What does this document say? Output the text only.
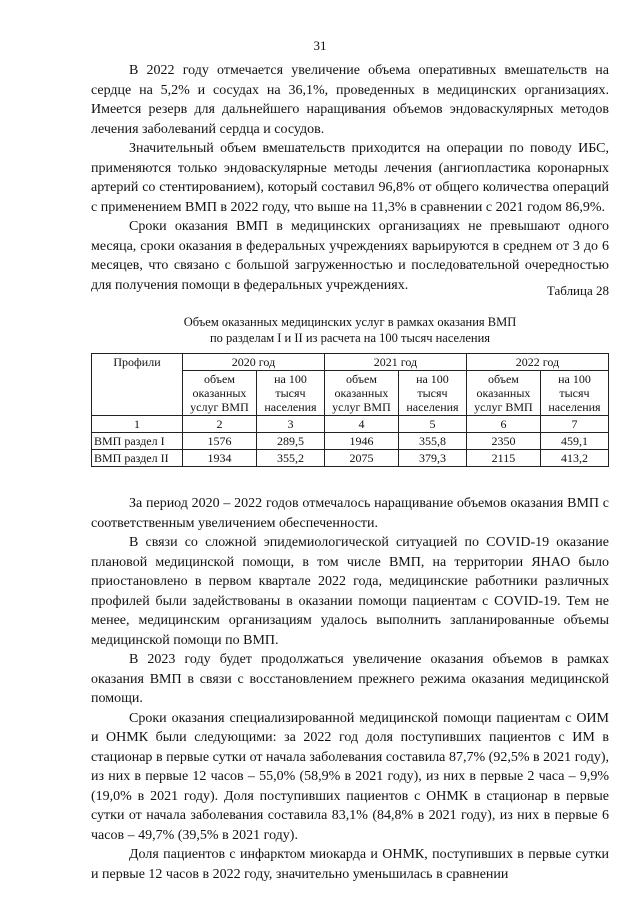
31

В 2022 году отмечается увеличение объема оперативных вмешательств на сердце на 5,2% и сосудах на 36,1%, проведенных в медицинских организациях. Имеется резерв для дальнейшего наращивания объемов эндоваскулярных методов лечения заболеваний сердца и сосудов.

Значительный объем вмешательств приходится на операции по поводу ИБС, применяются только эндоваскулярные методы лечения (ангиопластика коронарных артерий со стентированием), который составил 96,8% от общего количества операций с применением ВМП в 2022 году, что выше на 11,3% в сравнении с 2021 годом 86,9%.

Сроки оказания ВМП в медицинских организациях не превышают одного месяца, сроки оказания в федеральных учреждениях варьируются в среднем от 3 до 6 месяцев, что связано с большой загруженностью и последовательной очередностью для получения помощи в федеральных учреждениях.	Таблица 28
Объем оказанных медицинских услуг в рамках оказания ВМП
по разделам I и II из расчета на 100 тысяч населения
Профили	2020 год		2021 год		2022 год	
	объем оказанных услуг ВМП	на 100 тысяч населения	объем оказанных услуг ВМП	на 100 тысяч населения	объем оказанных услуг ВМП	на 100 тысяч населения
1	2	3	4	5	6	7
ВМП раздел I	1576	289,5	1946	355,8	2350	459,1
ВМП раздел II	1934	355,2	2075	379,3	2115	413,2

За период 2020 – 2022 годов отмечалось наращивание объемов оказания ВМП с соответственным увеличением обеспеченности.

В связи со сложной эпидемиологической ситуацией по COVID-19 оказание плановой медицинской помощи, в том числе ВМП, на территории ЯНАО было приостановлено в первом квартале 2022 года, медицинские работники различных профилей были задействованы в оказании помощи пациентам с COVID-19. Тем не менее, медицинским организациям удалось выполнить запланированные объемы медицинской помощи по ВМП.

В 2023 году будет продолжаться увеличение оказания объемов в рамках оказания ВМП в связи с восстановлением прежнего режима оказания медицинской помощи.

Сроки оказания специализированной медицинской помощи пациентам с ОИМ и ОНМК были следующими: за 2022 год доля поступивших пациентов с ИМ в стационар в первые сутки от начала заболевания составила 87,7% (92,5% в 2021 году), из них в первые 12 часов – 55,0% (58,9% в 2021 году), из них в первые 2 часа – 9,9% (19,0% в 2021 году). Доля поступивших пациентов с ОНМК в стационар в первые сутки от начала заболевания составила 83,1% (84,8% в 2021 году), из них в первые 6 часов – 49,7% (39,5% в 2021 году).

Доля пациентов с инфарктом миокарда и ОНМК, поступивших в первые сутки и первые 12 часов в 2022 году, значительно уменьшилась в сравнении
